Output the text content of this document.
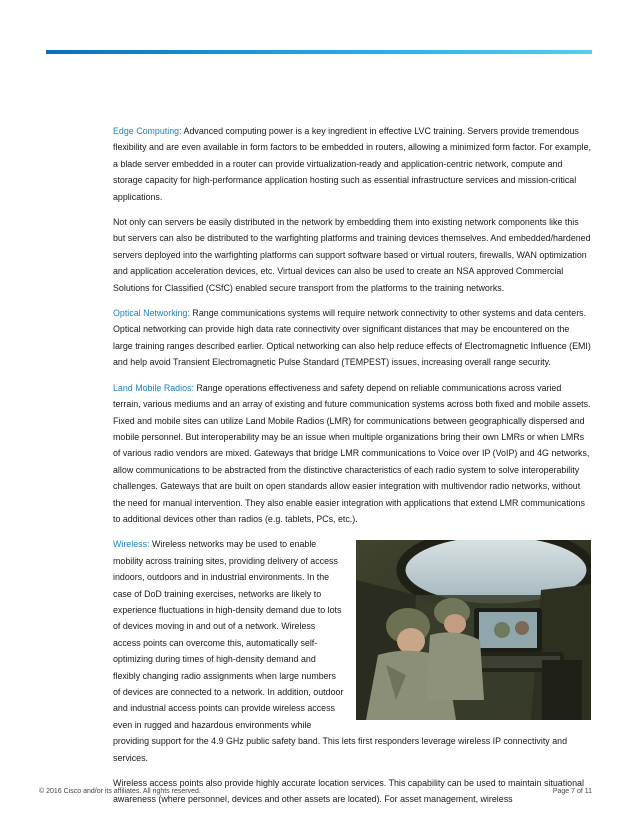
Edge Computing: Advanced computing power is a key ingredient in effective LVC training. Servers provide tremendous flexibility and are even available in form factors to be embedded in routers, allowing a minimized form factor. For example, a blade server embedded in a router can provide virtualization-ready and application-centric network, compute and storage capacity for high-performance application hosting such as essential infrastructure services and mission-critical applications.

Not only can servers be easily distributed in the network by embedding them into existing network components like this but servers can also be distributed to the warfighting platforms and training devices themselves. And embedded/hardened servers deployed into the warfighting platforms can support software based or virtual routers, firewalls, WAN optimization and application acceleration devices, etc. Virtual devices can also be used to create an NSA approved Commercial Solutions for Classified (CSfC) enabled secure transport from the platforms to the training networks.

Optical Networking: Range communications systems will require network connectivity to other systems and data centers. Optical networking can provide high data rate connectivity over significant distances that may be encountered on the large training ranges described earlier. Optical networking can also help reduce effects of Electromagnetic Influence (EMI) and help avoid Transient Electromagnetic Pulse Standard (TEMPEST) issues, increasing overall range security.

Land Mobile Radios: Range operations effectiveness and safety depend on reliable communications across varied terrain, various mediums and an array of existing and future communication systems across both fixed and mobile assets. Fixed and mobile sites can utilize Land Mobile Radios (LMR) for communications between geographically dispersed and mobile personnel. But interoperability may be an issue when multiple organizations bring their own LMRs or when LMRs of various radio vendors are mixed. Gateways that bridge LMR communications to Voice over IP (VoIP) and 4G networks, allow communications to be abstracted from the distinctive characteristics of each radio system to solve interoperability challenges. Gateways that are built on open standards allow easier integration with multivendor radio networks, without the need for manual intervention. They also enable easier integration with applications that extend LMR communications to additional devices other than radios (e.g. tablets, PCs, etc.).

Wireless: Wireless networks may be used to enable mobility across training sites, providing delivery of access indoors, outdoors and in industrial environments. In the case of DoD training exercises, networks are likely to experience fluctuations in high-density demand due to lots of devices moving in and out of a network. Wireless access points can overcome this, automatically self-optimizing during times of high-density demand and flexibly changing radio assignments when large numbers of devices are connected to a network. In addition, outdoor and industrial access points can provide wireless access even in rugged and hazardous environments while providing support for the 4.9 GHz public safety band. This lets first responders leverage wireless IP connectivity and services.

Wireless access points also provide highly accurate location services. This capability can be used to maintain situational awareness (where personnel, devices and other assets are located). For asset management, wireless

© 2016 Cisco and/or its affiliates. All rights reserved.	Page 7 of 11
